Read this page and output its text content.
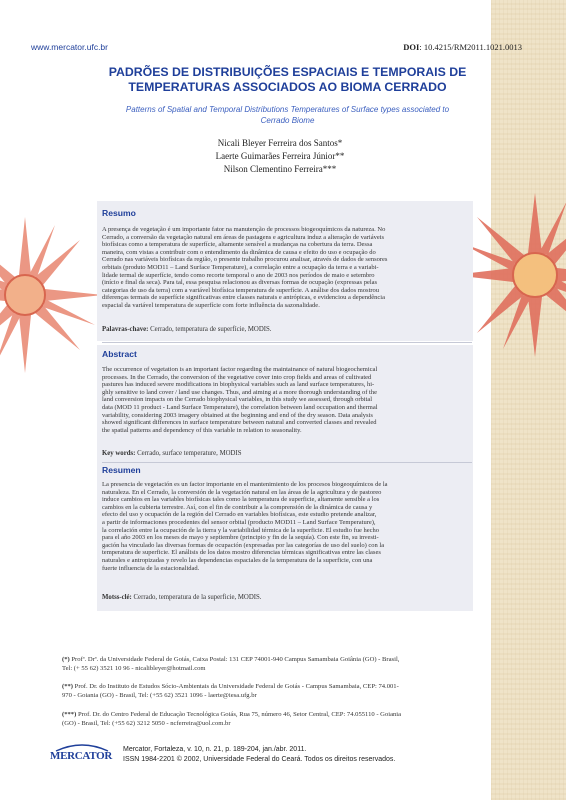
www.mercator.ufc.br	DOI: 10.4215/RM2011.1021.0013
PADRÕES DE DISTRIBUIÇÕES ESPACIAIS E TEMPORAIS DE
TEMPERATURAS ASSOCIADOS AO BIOMA CERRADO
Patterns of Spatial and Temporal Distributions Temperatures of Surface types associated to
Cerrado Biome
Nicali Bleyer Ferreira dos Santos*
Laerte Guimarães Ferreira Júnior**
Nilson Clementino Ferreira***
Resumo
A presença de vegetação é um importante fator na manutenção de processos biogeoquímicos da natureza. No
Cerrado, a conversão da vegetação natural em áreas de pastagens e agricultura induz a alteração de variáveis
biofísicas como a temperatura de superfície, altamente sensível a mudanças na cobertura da terra. Dessa
maneira, com vistas a contribuir com o entendimento da dinâmica de causa e efeito do uso e ocupação do
Cerrado nas variáveis biofísicas da região, o presente trabalho procurou analisar, através de dados de sensores
orbitais (produto MOD11 – Land Surface Temperature), a correlação entre a ocupação da terra e a variabi-
lidade termal de superfície, tendo como recorte temporal o ano de 2003 nos períodos de maio e setembro
(início e final da seca). Para tal, essa pesquisa relacionou as diversas formas de ocupação (expressas pelas
categorias de uso da terra) com a variável biofísica temperatura de superfície. A análise dos dados mostrou
diferenças termais de superfície significativas entre classes naturais e antrópicas, e evidenciou a dependência
espacial da variável temperatura de superfície com forte influência da sazonalidade.
Palavras-chave: Cerrado, temperatura de superfície, MODIS.
Abstract
The occurrence of vegetation is an important factor regarding the maintainance of natural biogeochemical
processes. In the Cerrado, the conversion of the vegetative cover into crop fields and areas of cultivated
pastures has induced severe modifications in biophysical variables such as land surface temperatures, hi-
ghly sensitive to land cover / land use changes. Thus, and aiming at a more thorough understanding of the
land conversion impacts on the Cerrado biophysical variables, in this study we assessed, through orbital
data (MOD 11 product - Land Surface Temperature), the correlation between land occupation and thermal
variability, considering 2003 imagery obtained at the beginning and end of the dry season. Data analysis
showed significant differences in surface temperature between natural and converted classes and revealed
the spatial patterns and dependency of this variable in relation to seasonality.
Key words: Cerrado, surface temperature, MODIS
Resumen
La presencia de vegetación es un factor importante en el mantenimiento de los procesos biogeoquímicos de la
naturaleza. En el Cerrado, la conversión de la vegetación natural en las áreas de la agricultura y de pastoreo
induce cambios en las variables biofísicas tales como la temperatura de superficie, altamente sensible a los
cambios en la cubierta terrestre. Así, con el fin de contribuir a la comprensión de la dinámica de causa y
efecto del uso y ocupación de la región del Cerrado en variables biofísicas, este estudio pretende analizar,
a partir de informaciones procedentes del sensor orbital (producto MOD11 – Land Surface Temperature),
la correlación entre la ocupación de la tierra y la variabilidad térmica de la superficie. El estudio fue hecho
para el año 2003 en los meses de mayo y septiembre (principio y fin de la sequía). Con este fin, su investi-
gación ha vinculado las diversas formas de ocupación (expresadas por las categorías de uso del suelo) con la
temperatura de superficie. El análisis de los datos mostro diferencias térmicas significativas entre las clases
naturales e antropizadas y revelo las dependencias espaciales de la temperatura de la superficie, con una
fuerte influencia de la estacionalidad.
Motss-clé: Cerrado, temperatura de la superficie, MODIS.
(*) Profª. Drª. da Universidade Federal de Goiás, Caixa Postal: 131 CEP 74001-940 Campus Samambaia Goiânia (GO) - Brasil,
Tel: (+ 55 62) 3521 10 96 - nicalibleyer@hotmail.com
(**) Prof. Dr. do Instituto de Estudos Sócio-Ambientais da Universidade Federal de Goiás - Campus Samambaia, CEP: 74.001-
970 - Goiania (GO) - Brasil, Tel: (+55 62) 3521 1096 - laerte@iesa.ufg.br
(***) Prof. Dr. do Centro Federal de Educação Tecnológica Goiás, Rua 75, número 46, Setor Central, CEP: 74.055110 - Goiania
(GO) - Brasil, Tel: (+55 62) 3212 5050 - ncferreira@uol.com.br
MERCATOR
Mercator, Fortaleza, v. 10, n. 21, p. 189-204, jan./abr. 2011.
ISSN 1984-2201 © 2002, Universidade Federal do Ceará. Todos os direitos reservados.
